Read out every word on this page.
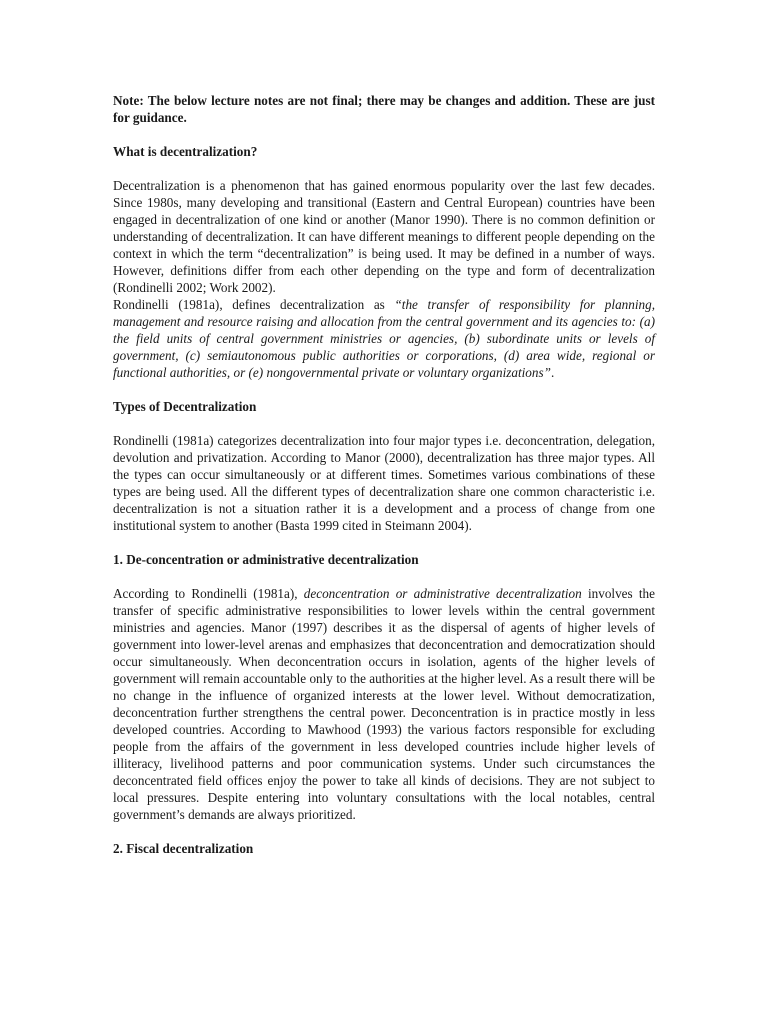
Note: The below lecture notes are not final; there may be changes and addition. These are just for guidance.

What is decentralization?

Decentralization is a phenomenon that has gained enormous popularity over the last few decades. Since 1980s, many developing and transitional (Eastern and Central European) countries have been engaged in decentralization of one kind or another (Manor 1990). There is no common definition or understanding of decentralization. It can have different meanings to different people depending on the context in which the term “decentralization” is being used. It may be defined in a number of ways. However, definitions differ from each other depending on the type and form of decentralization (Rondinelli 2002; Work 2002).

Rondinelli (1981a), defines decentralization as “the transfer of responsibility for planning, management and resource raising and allocation from the central government and its agencies to: (a) the field units of central government ministries or agencies, (b) subordinate units or levels of government, (c) semiautonomous public authorities or corporations, (d) area wide, regional or functional authorities, or (e) nongovernmental private or voluntary organizations”.

Types of Decentralization

Rondinelli (1981a) categorizes decentralization into four major types i.e. deconcentration, delegation, devolution and privatization. According to Manor (2000), decentralization has three major types. All the types can occur simultaneously or at different times. Sometimes various combinations of these types are being used. All the different types of decentralization share one common characteristic i.e. decentralization is not a situation rather it is a development and a process of change from one institutional system to another (Basta 1999 cited in Steimann 2004).

1. De-concentration or administrative decentralization

According to Rondinelli (1981a), deconcentration or administrative decentralization involves the transfer of specific administrative responsibilities to lower levels within the central government ministries and agencies. Manor (1997) describes it as the dispersal of agents of higher levels of government into lower-level arenas and emphasizes that deconcentration and democratization should occur simultaneously. When deconcentration occurs in isolation, agents of the higher levels of government will remain accountable only to the authorities at the higher level. As a result there will be no change in the influence of organized interests at the lower level. Without democratization, deconcentration further strengthens the central power. Deconcentration is in practice mostly in less developed countries. According to Mawhood (1993) the various factors responsible for excluding people from the affairs of the government in less developed countries include higher levels of illiteracy, livelihood patterns and poor communication systems. Under such circumstances the deconcentrated field offices enjoy the power to take all kinds of decisions. They are not subject to local pressures. Despite entering into voluntary consultations with the local notables, central government’s demands are always prioritized.

2. Fiscal decentralization
